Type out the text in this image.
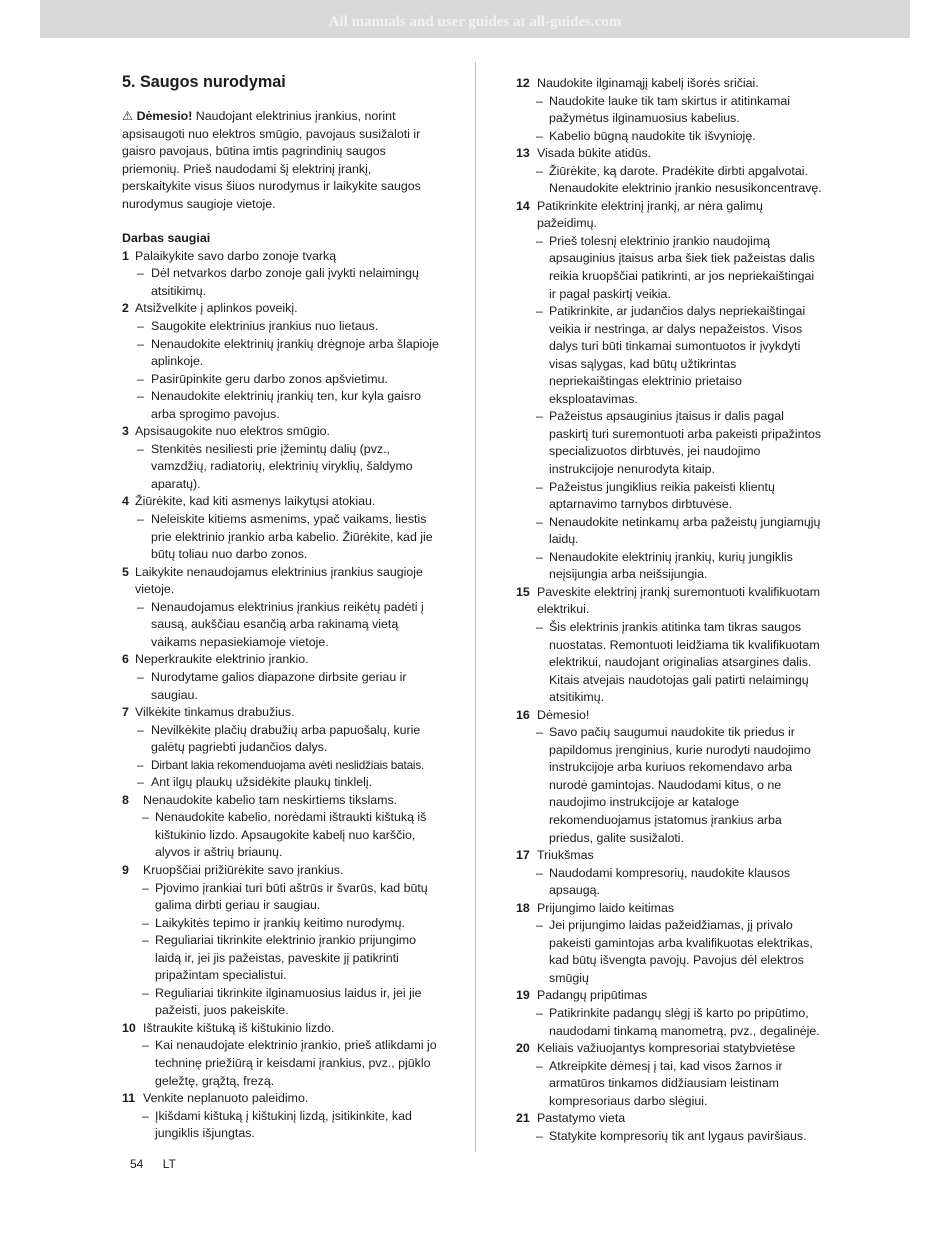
All manuals and user guides at all-guides.com
5. Saugos nurodymai

⚠ Dėmesio! Naudojant elektrinius įrankius, norint apsisaugoti nuo elektros smūgio, pavojaus susižaloti ir gaisro pavojaus, būtina imtis pagrindinių saugos priemonių. Prieš naudodami šį elektrinį įrankį, perskaitykite visus šiuos nurodymus ir laikykite saugos nurodymus saugioje vietoje.

Darbas saugiai
1 Palaikykite savo darbo zonoje tvarką
– Dėl netvarkos darbo zonoje gali įvykti nelaimingų atsitikimų.
2 Atsižvelkite į aplinkos poveikį.
– Saugokite elektrinius įrankius nuo lietaus.
– Nenaudokite elektrinių įrankių drėgnoje arba šlapioje aplinkoje.
– Pasirūpinkite geru darbo zonos apšvietimu.
– Nenaudokite elektrinių įrankių ten, kur kyla gaisro arba sprogimo pavojus.
3 Apsisaugokite nuo elektros smūgio.
– Stenkitės nesiliesti prie įžemintų dalių (pvz., vamzdžių, radiatorių, elektrinių viryklių, šaldymo aparatų).
4 Žiūrėkite, kad kiti asmenys laikytųsi atokiau.
– Neleiskite kitiems asmenims, ypač vaikams, liestis prie elektrinio įrankio arba kabelio. Žiūrėkite, kad jie būtų toliau nuo darbo zonos.
5 Laikykite nenaudojamus elektrinius įrankius saugioje vietoje.
– Nenaudojamus elektrinius įrankius reikėtų padėti į sausą, aukščiau esančią arba rakinamą vietą vaikams nepasiekiamoje vietoje.
6 Neperkraukite elektrinio įrankio.
– Nurodytame galios diapazone dirbsite geriau ir saugiau.
7 Vilkėkite tinkamus drabužius.
– Nevilkėkite plačių drabužių arba papuošalų, kurie galėtų pagriebti judančios dalys.
– Dirbant lakia rekomenduojama avėti neslidžiais batais.
– Ant ilgų plaukų užsidėkite plaukų tinklelį.
8	Nenaudokite kabelio tam neskirtiems tikslams.
– Nenaudokite kabelio, norėdami ištraukti kištuką iš kištukinio lizdo. Apsaugokite kabelį nuo karščio, alyvos ir aštrių briaunų.
9	Kruopščiai prižiūrėkite savo įrankius.
– Pjovimo įrankiai turi būti aštrūs ir švarūs, kad būtų galima dirbti geriau ir saugiau.
– Laikykitės tepimo ir įrankių keitimo nurodymų.
– Reguliariai tikrinkite elektrinio įrankio prijungimo laidą ir, jei jis pažeistas, paveskite jį patikrinti pripažintam specialistui.
– Reguliariai tikrinkite ilginamuosius laidus ir, jei jie pažeisti, juos pakeiskite.
10 Ištraukite kištuką iš kištukinio lizdo.
– Kai nenaudojate elektrinio įrankio, prieš atlikdami jo techninę priežiūrą ir keisdami įrankius, pvz., pjūklo geležtę, grąžtą, frezą.
11 Venkite neplanuoto paleidimo.
– Įkišdami kištuką į kištukinį lizdą, įsitikinkite, kad jungiklis išjungtas.
12 Naudokite ilginamąjį kabelį išorės sričiai.
– Naudokite lauke tik tam skirtus ir atitinkamai pažymėtus ilginamuosius kabelius.
– Kabelio būgną naudokite tik išvynioję.
13 Visada būkite atidūs.
– Žiūrėkite, ką darote. Pradėkite dirbti apgalvotai. Nenaudokite elektrinio įrankio nesusikoncentravę.
14 Patikrinkite elektrinį įrankį, ar nėra galimų pažeidimų.
– Prieš tolesnį elektrinio įrankio naudojimą apsauginius įtaisus arba šiek tiek pažeistas dalis reikia kruopščiai patikrinti, ar jos nepriekaištingai ir pagal paskirtį veikia.
– Patikrinkite, ar judančios dalys nepriekaištingai veikia ir nestringa, ar dalys nepažeistos. Visos dalys turi būti tinkamai sumontuotos ir įvykdyti visas sąlygas, kad būtų užtikrintas nepriekaištingas elektrinio prietaiso eksploatavimas.
– Pažeistus apsauginius įtaisus ir dalis pagal paskirtį turi suremontuoti arba pakeisti pripažintos specializuotos dirbtuvės, jei naudojimo instrukcijoje nenurodyta kitaip.
– Pažeistus jungiklius reikia pakeisti klientų aptarnavimo tarnybos dirbtuvėse.
– Nenaudokite netinkamų arba pažeistų jungiamųjų laidų.
– Nenaudokite elektrinių įrankių, kurių jungiklis neįsijungia arba neišsijungia.
15 Paveskite elektrinį įrankį suremontuoti kvalifikuotam elektrikui.
– Šis elektrinis įrankis atitinka tam tikras saugos nuostatas. Remontuoti leidžiama tik kvalifikuotam elektrikui, naudojant originalias atsargines dalis. Kitais atvejais naudotojas gali patirti nelaimingų atsitikimų.
16 Dėmesio!
– Savo pačių saugumui naudokite tik priedus ir papildomus įrenginius, kurie nurodyti naudojimo instrukcijoje arba kuriuos rekomendavo arba nurodė gamintojas. Naudodami kitus, o ne naudojimo instrukcijoje ar kataloge rekomenduojamus įstatomus įrankius arba priedus, galite susižaloti.
17 Triukšmas
– Naudodami kompresorių, naudokite klausos apsaugą.
18 Prijungimo laido keitimas
– Jei prijungimo laidas pažeidžiamas, jį privalo pakeisti gamintojas arba kvalifikuotas elektrikas, kad būtų išvengta pavojų. Pavojus dėl elektros smūgių
19 Padangų pripūtimas
– Patikrinkite padangų slėgį iš karto po pripūtimo, naudodami tinkamą manometrą, pvz., degalinėje.
20 Keliais važiuojantys kompresoriai statybvietėse
– Atkreipkite dėmesį į tai, kad visos žarnos ir armatūros tinkamos didžiausiam leistinam kompresoriaus darbo slėgiui.
21 Pastatymo vieta
– Statykite kompresorių tik ant lygaus paviršiaus.
54 LT
